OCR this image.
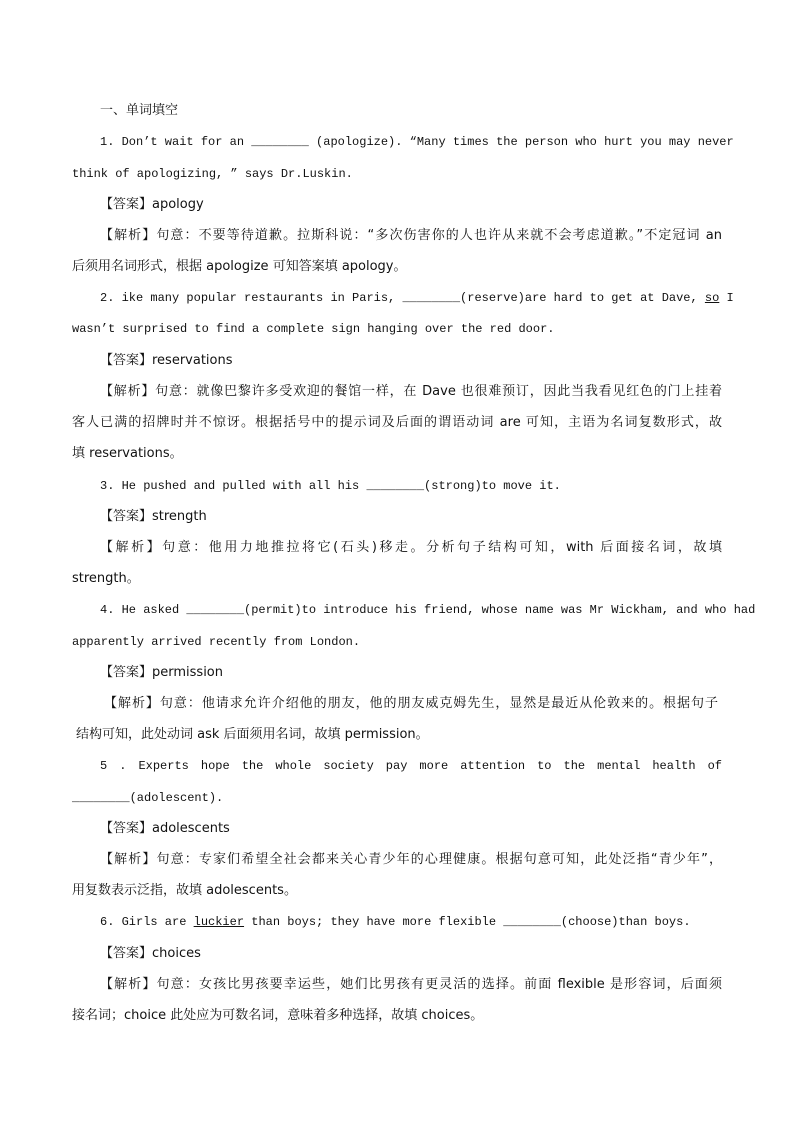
一、单词填空
1. Don’t wait for an ________ (apologize). “Many times the person who hurt you may never
think of apologizing, ” says Dr.Luskin.
【答案】apology
【解析】句意：不要等待道歉。拉斯科说：“多次伤害你的人也许从来就不会考虑道歉。”不定冠词 an
后须用名词形式，根据 apologize 可知答案填 apology。
2. ike many popular restaurants in Paris, ________(reserve)are hard to get at Dave, so I
wasn’t surprised to find a complete sign hanging over the red door.
【答案】reservations
【解析】句意：就像巴黎许多受欢迎的餐馆一样，在 Dave 也很难预订，因此当我看见红色的门上挂着
客人已满的招牌时并不惊讶。根据括号中的提示词及后面的谓语动词 are 可知，主语为名词复数形式，故
填 reservations。
3. He pushed and pulled with all his ________(strong)to move it.
【答案】strength
【解析】句意：他用力地推拉将它(石头)移走。分析句子结构可知，with 后面接名词，故填
strength。
4. He asked ________(permit)to introduce his friend, whose name was Mr Wickham, and who had
apparently arrived recently from London.
【答案】permission
【解析】句意：他请求允许介绍他的朋友，他的朋友威克姆先生，显然是最近从伦敦来的。根据句子
结构可知，此处动词 ask 后面须用名词，故填 permission。
5 . Experts hope the whole society pay more attention to the mental health of
________(adolescent).
【答案】adolescents
【解析】句意：专家们希望全社会都来关心青少年的心理健康。根据句意可知，此处泛指“青少年”，
用复数表示泛指，故填 adolescents。
6. Girls are luckier than boys; they have more flexible ________(choose)than boys.
【答案】choices
【解析】句意：女孩比男孩要幸运些，她们比男孩有更灵活的选择。前面 flexible 是形容词，后面须
接名词；choice 此处应为可数名词，意味着多种选择，故填 choices。
